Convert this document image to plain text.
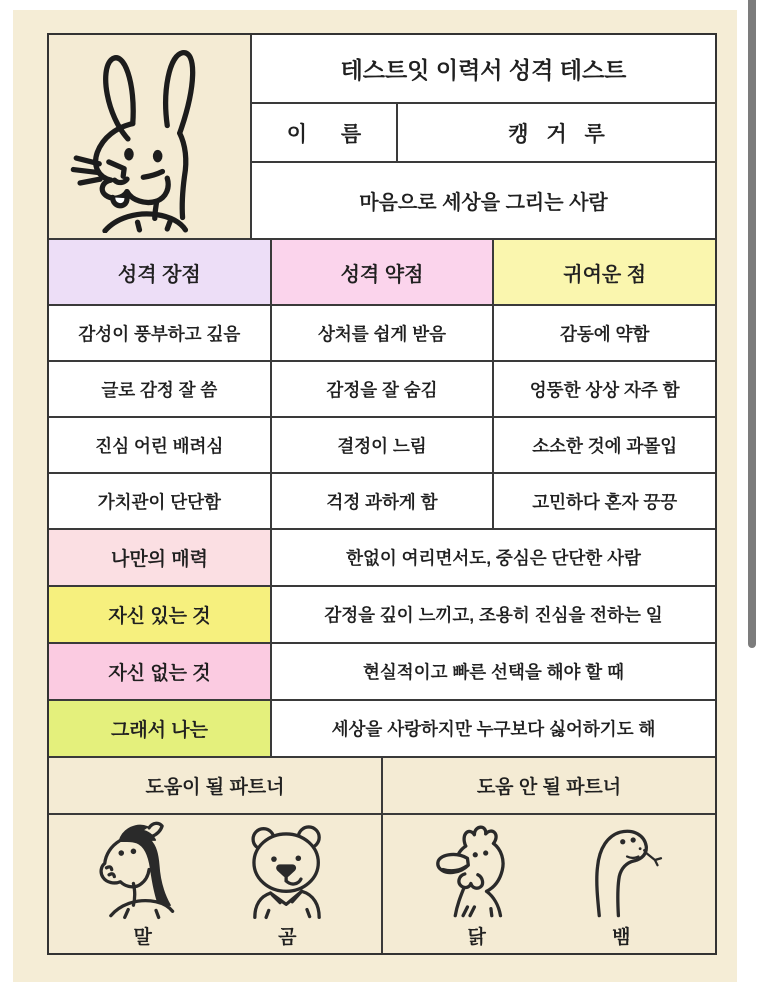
테스트잇 이력서 성격 테스트
이 름	캥 거 루
마음으로 세상을 그리는 사람
성격 장점	성격 약점	귀여운 점
감성이 풍부하고 깊음	상처를 쉽게 받음	감동에 약함
글로 감정 잘 씀	감정을 잘 숨김	엉뚱한 상상 자주 함
진심 어린 배려심	결정이 느림	소소한 것에 과몰입
가치관이 단단함	걱정 과하게 함	고민하다 혼자 끙끙
나만의 매력	한없이 여리면서도, 중심은 단단한 사람
자신 있는 것	감정을 깊이 느끼고, 조용히 진심을 전하는 일
자신 없는 것	현실적이고 빠른 선택을 해야 할 때
그래서 나는	세상을 사랑하지만 누구보다 싫어하기도 해
도움이 될 파트너	도움 안 될 파트너
말	곰	닭	뱀
